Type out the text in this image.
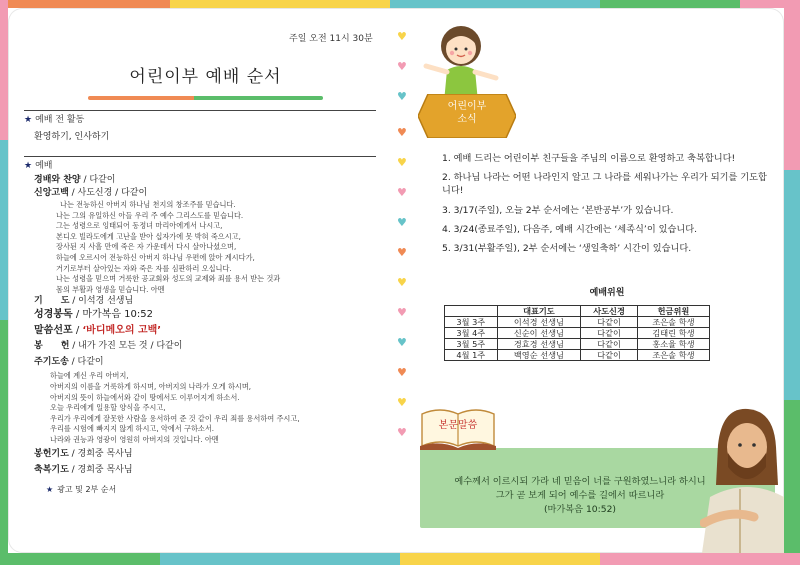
주일 오전 11시 30분
어린이부 예배 순서
★ 예배 전 활동
환영하기, 인사하기
★ 예배
경배와 찬양 / 다같이
신앙고백 / 사도신경 / 다같이
나는 전능하신 아버지 하나님 천지의 창조주를 믿습니다.
나는 그의 유일하신 아들 우리 주 예수 그리스도를 믿습니다.
그는 성령으로 잉태되어 동정녀 마리아에게서 나시고,
본디오 빌라도에게 고난을 받아 십자가에 못 박혀 죽으시고,
장사된 지 사흘 만에 죽은 자 가운데서 다시 살아나셨으며,
하늘에 오르시어 전능하신 아버지 하나님 우편에 앉아 계시다가,
거기로부터 살아있는 자와 죽은 자를 심판하러 오십니다.
나는 성령을 믿으며 거룩한 공교회와 성도의 교제와 죄를 용서 받는 것과
몸의 부활과 영생을 믿습니다. 아멘
기　　도 / 이석경 선생님
성경봉독 / 마가복음 10:52
말씀선포 / ‘바디메오의 고백’
봉　　헌 / 내가 가진 모든 것 / 다같이
주기도송 / 다같이
하늘에 계신 우리 아버지,
아버지의 이름을 거룩하게 하시며, 아버지의 나라가 오게 하시며,
아버지의 뜻이 하늘에서와 같이 땅에서도 이루어지게 하소서.
오늘 우리에게 일용할 양식을 주시고,
우리가 우리에게 잘못한 사람을 용서하여 준 것 같이 우리 죄를 용서하여 주시고,
우리를 시험에 빠지지 않게 하시고, 악에서 구하소서.
나라와 권능과 영광이 영원히 아버지의 것입니다. 아멘
봉헌기도 / 경희중 목사님
축복기도 / 경희중 목사님
★ 광고 및 2부 순서
♥
♥
♥
♥
♥
♥
♥
♥
♥
♥
♥
♥
♥
♥
어린이부
소식

1. 예배 드리는 어린이부 친구들을 주님의 이름으로 환영하고 축복합니다!

2. 하나님 나라는 어떤 나라인지 알고 그 나라를 세워나가는 우리가 되기를 기도합니다!

3. 3/17(주일), 오늘 2부 순서에는 ‘본반공부’가 있습니다.

4. 3/24(종료주일), 다음주, 예배 시간에는 ‘세족식’이 있습니다.

5. 3/31(부활주일), 2부 순서에는 ‘생일축하’ 시간이 있습니다.

예배위원
	대표기도	사도신경	헌금위원
3월 3주	이석경 선생님	다같이	조은솔 학생
3월 4주	신순이 선생님	다같이	김태린 학생
3월 5주	경효경 선생님	다같이	홍소율 학생
4월 1주	백영순 선생님	다같이	조은솔 학생
본문말씀
예수께서 이르시되 가라 네 믿음이 너를 구원하였느니라 하시니
그가 곧 보게 되어 예수를 길에서 따르니라
(마가복음 10:52)
